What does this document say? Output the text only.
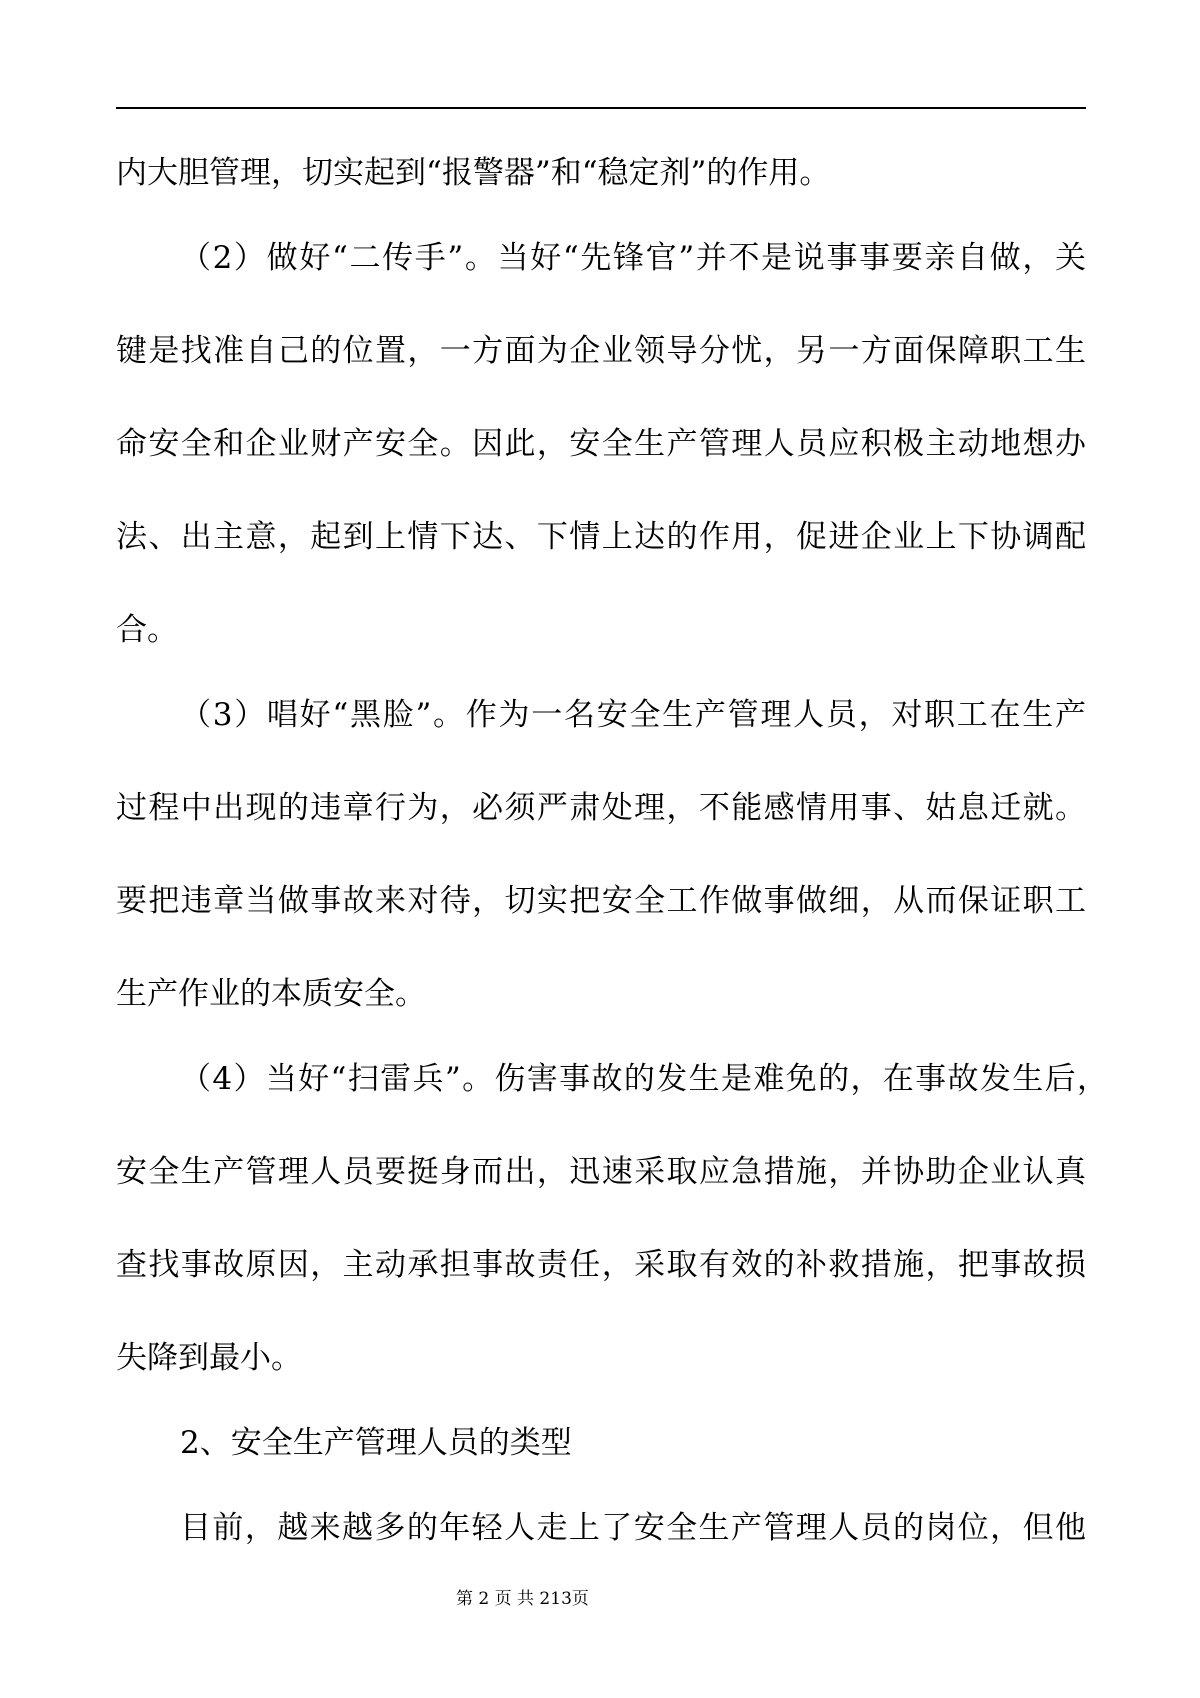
内大胆管理，切实起到“报警器”和“稳定剂”的作用。
（2）做好“二传手”。当好“先锋官”并不是说事事要亲自做，关
键是找准自己的位置，一方面为企业领导分忧，另一方面保障职工生
命安全和企业财产安全。因此，安全生产管理人员应积极主动地想办
法、出主意，起到上情下达、下情上达的作用，促进企业上下协调配
合。
（3）唱好“黑脸”。作为一名安全生产管理人员，对职工在生产
过程中出现的违章行为，必须严肃处理，不能感情用事、姑息迁就。
要把违章当做事故来对待，切实把安全工作做事做细，从而保证职工
生产作业的本质安全。
（4）当好“扫雷兵”。伤害事故的发生是难免的，在事故发生后，
安全生产管理人员要挺身而出，迅速采取应急措施，并协助企业认真
查找事故原因，主动承担事故责任，采取有效的补救措施，把事故损
失降到最小。
2、安全生产管理人员的类型
目前，越来越多的年轻人走上了安全生产管理人员的岗位，但他
第 2 页 共 213页
